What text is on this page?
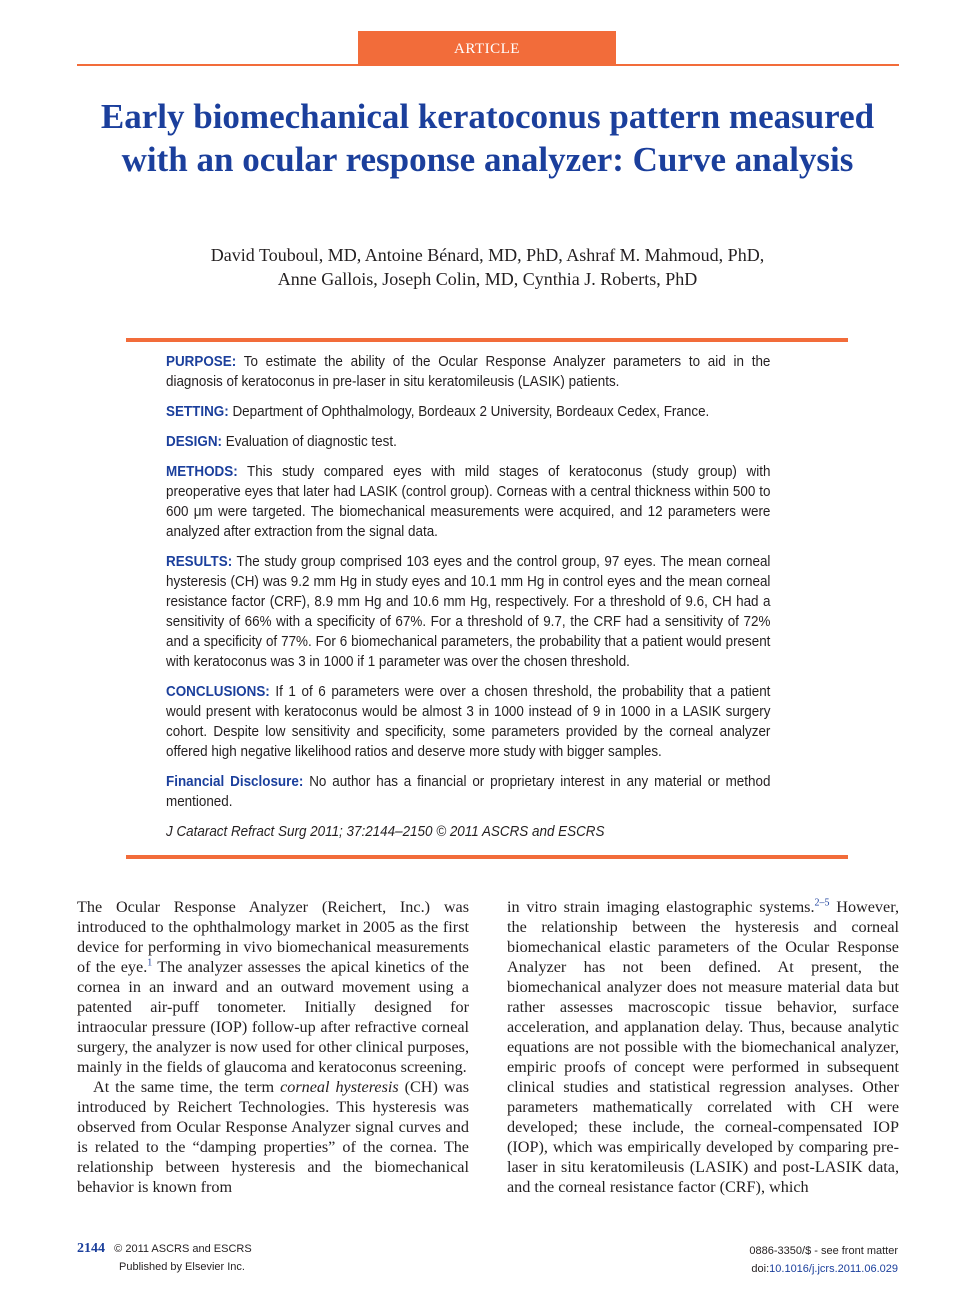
ARTICLE
Early biomechanical keratoconus pattern measured with an ocular response analyzer: Curve analysis
David Touboul, MD, Antoine Bénard, MD, PhD, Ashraf M. Mahmoud, PhD,
Anne Gallois, Joseph Colin, MD, Cynthia J. Roberts, PhD

PURPOSE: To estimate the ability of the Ocular Response Analyzer parameters to aid in the diagnosis of keratoconus in pre-laser in situ keratomileusis (LASIK) patients.

SETTING: Department of Ophthalmology, Bordeaux 2 University, Bordeaux Cedex, France.

DESIGN: Evaluation of diagnostic test.

METHODS: This study compared eyes with mild stages of keratoconus (study group) with preoperative eyes that later had LASIK (control group). Corneas with a central thickness within 500 to 600 μm were targeted. The biomechanical measurements were acquired, and 12 parameters were analyzed after extraction from the signal data.

RESULTS: The study group comprised 103 eyes and the control group, 97 eyes. The mean corneal hysteresis (CH) was 9.2 mm Hg in study eyes and 10.1 mm Hg in control eyes and the mean corneal resistance factor (CRF), 8.9 mm Hg and 10.6 mm Hg, respectively. For a threshold of 9.6, CH had a sensitivity of 66% with a specificity of 67%. For a threshold of 9.7, the CRF had a sensitivity of 72% and a specificity of 77%. For 6 biomechanical parameters, the probability that a patient would present with keratoconus was 3 in 1000 if 1 parameter was over the chosen threshold.

CONCLUSIONS: If 1 of 6 parameters were over a chosen threshold, the probability that a patient would present with keratoconus would be almost 3 in 1000 instead of 9 in 1000 in a LASIK surgery cohort. Despite low sensitivity and specificity, some parameters provided by the corneal analyzer offered high negative likelihood ratios and deserve more study with bigger samples.

Financial Disclosure: No author has a financial or proprietary interest in any material or method mentioned.

J Cataract Refract Surg 2011; 37:2144–2150 © 2011 ASCRS and ESCRS

The Ocular Response Analyzer (Reichert, Inc.) was introduced to the ophthalmology market in 2005 as the first device for performing in vivo biomechanical measurements of the eye.$^1$ The analyzer assesses the apical kinetics of the cornea in an inward and an outward movement using a patented air-puff tonometer. Initially designed for intraocular pressure (IOP) follow-up after refractive corneal surgery, the analyzer is now used for other clinical purposes, mainly in the fields of glaucoma and keratoconus screening.

At the same time, the term corneal hysteresis (CH) was introduced by Reichert Technologies. This hysteresis was observed from Ocular Response Analyzer signal curves and is related to the “damping properties” of the cornea. The relationship between hysteresis and the biomechanical behavior is known from

in vitro strain imaging elastographic systems.$^{2-5}$ However, the relationship between the hysteresis and corneal biomechanical elastic parameters of the Ocular Response Analyzer has not been defined. At present, the biomechanical analyzer does not measure material data but rather assesses macroscopic tissue behavior, surface acceleration, and applanation delay. Thus, because analytic equations are not possible with the biomechanical analyzer, empiric proofs of concept were performed in subsequent clinical studies and statistical regression analyses. Other parameters mathematically correlated with CH were developed; these include, the corneal-compensated IOP (IOP), which was empirically developed by comparing pre-laser in situ keratomileusis (LASIK) and post-LASIK data, and the corneal resistance factor (CRF), which

2144 © 2011 ASCRS and ESCRS
Published by Elsevier Inc.
0886-3350/$ - see front matter
doi:10.1016/j.jcrs.2011.06.029
